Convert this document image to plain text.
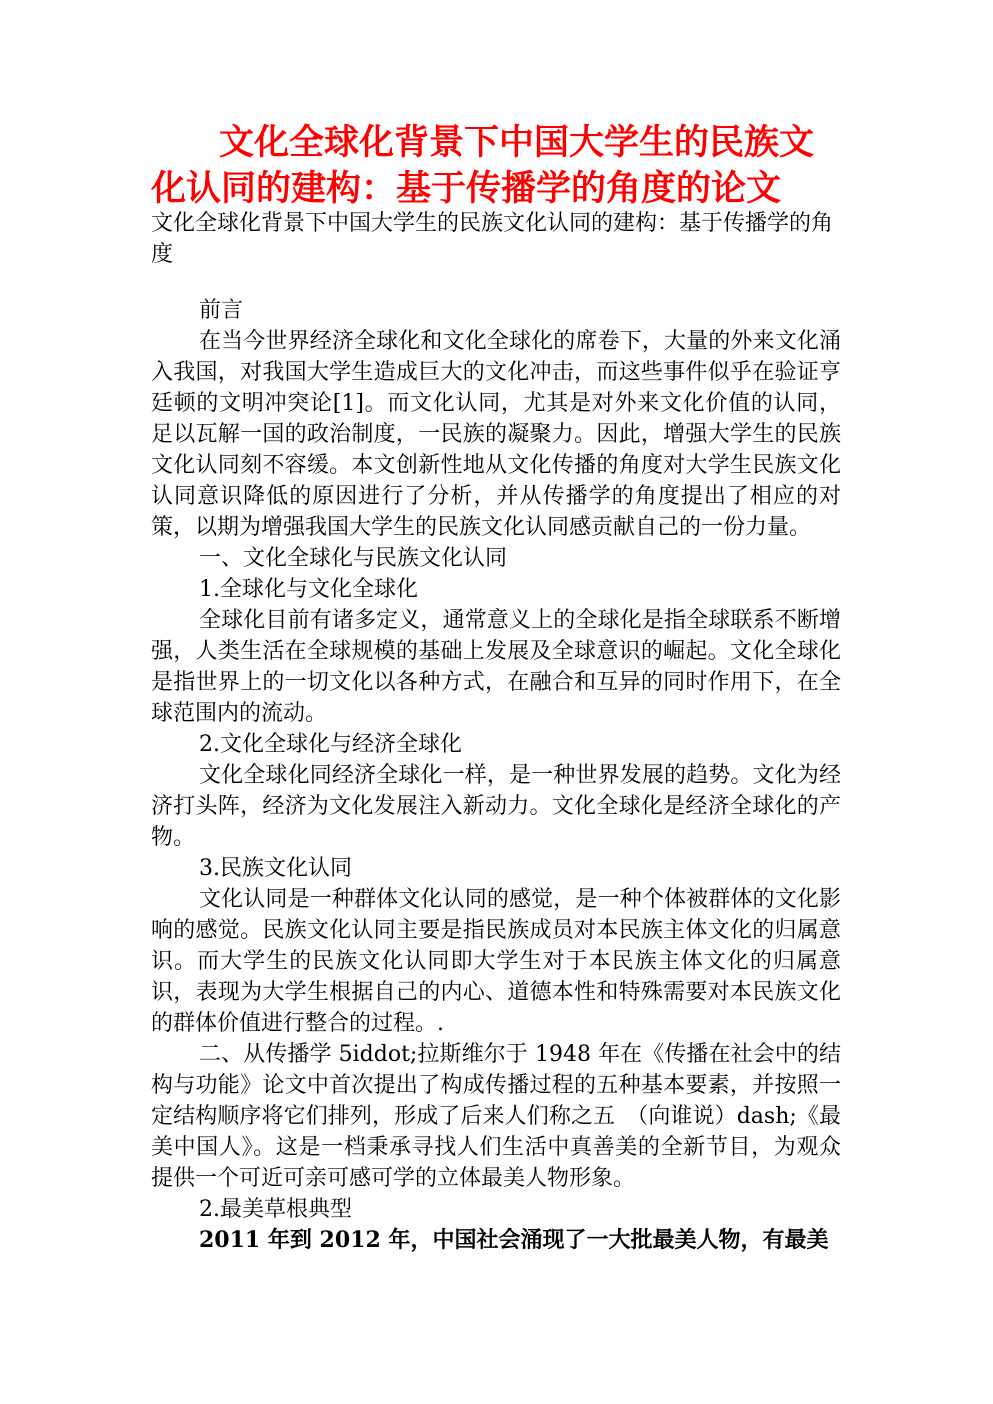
文化全球化背景下中国大学生的民族文化认同的建构：基于传播学的角度的论文

文化全球化背景下中国大学生的民族文化认同的建构：基于传播学的角度

前言

在当今世界经济全球化和文化全球化的席卷下，大量的外来文化涌入我国，对我国大学生造成巨大的文化冲击，而这些事件似乎在验证亨廷顿的文明冲突论[1]。而文化认同，尤其是对外来文化价值的认同，足以瓦解一国的政治制度，一民族的凝聚力。因此，增强大学生的民族文化认同刻不容缓。本文创新性地从文化传播的角度对大学生民族文化认同意识降低的原因进行了分析，并从传播学的角度提出了相应的对策，以期为增强我国大学生的民族文化认同感贡献自己的一份力量。

一、文化全球化与民族文化认同

1.全球化与文化全球化

全球化目前有诸多定义，通常意义上的全球化是指全球联系不断增强，人类生活在全球规模的基础上发展及全球意识的崛起。文化全球化是指世界上的一切文化以各种方式，在融合和互异的同时作用下，在全球范围内的流动。

2.文化全球化与经济全球化

文化全球化同经济全球化一样，是一种世界发展的趋势。文化为经济打头阵，经济为文化发展注入新动力。文化全球化是经济全球化的产物。

3.民族文化认同

文化认同是一种群体文化认同的感觉，是一种个体被群体的文化影响的感觉。民族文化认同主要是指民族成员对本民族主体文化的归属意识。而大学生的民族文化认同即大学生对于本民族主体文化的归属意识，表现为大学生根据自己的内心、道德本性和特殊需要对本民族文化的群体价值进行整合的过程。.

二、从传播学 5iddot;拉斯维尔于 1948 年在《传播在社会中的结构与功能》论文中首次提出了构成传播过程的五种基本要素，并按照一定结构顺序将它们排列，形成了后来人们称之五　（向谁说）dash;《最美中国人》。这是一档秉承寻找人们生活中真善美的全新节目，为观众提供一个可近可亲可感可学的立体最美人物形象。

2.最美草根典型

2011 年到 2012 年，中国社会涌现了一大批最美人物，有最美
